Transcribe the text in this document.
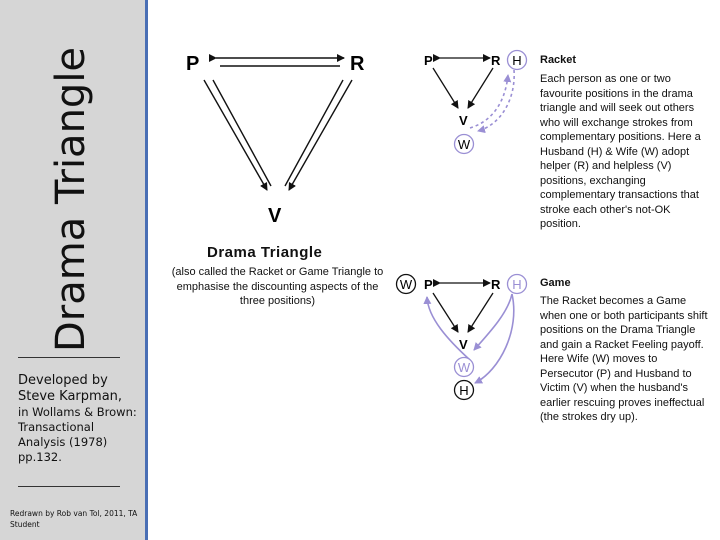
Drama Triangle
Developed by Steve Karpman,
in Wollams & Brown: Transactional Analysis (1978) pp.132.
Redrawn by Rob van Tol, 2011, TA Student
P	R
V
P	R H
V
W
W P	R H
V
W
H
Drama Triangle
(also called the Racket or Game Triangle to emphasise the discounting aspects of the three positions)
Racket
Each person as one or two favourite positions in the drama triangle and will seek out others who will exchange strokes from complementary positions. Here a Husband (H) & Wife (W) adopt helper (R) and helpless (V) positions, exchanging complementary transactions that stroke each other's not-OK position.
Game
The Racket becomes a Game when one or both participants shift positions on the Drama Triangle and gain a Racket Feeling payoff. Here Wife (W) moves to Persecutor (P) and Husband to Victim (V) when the husband's earlier rescuing proves ineffectual (the strokes dry up).
